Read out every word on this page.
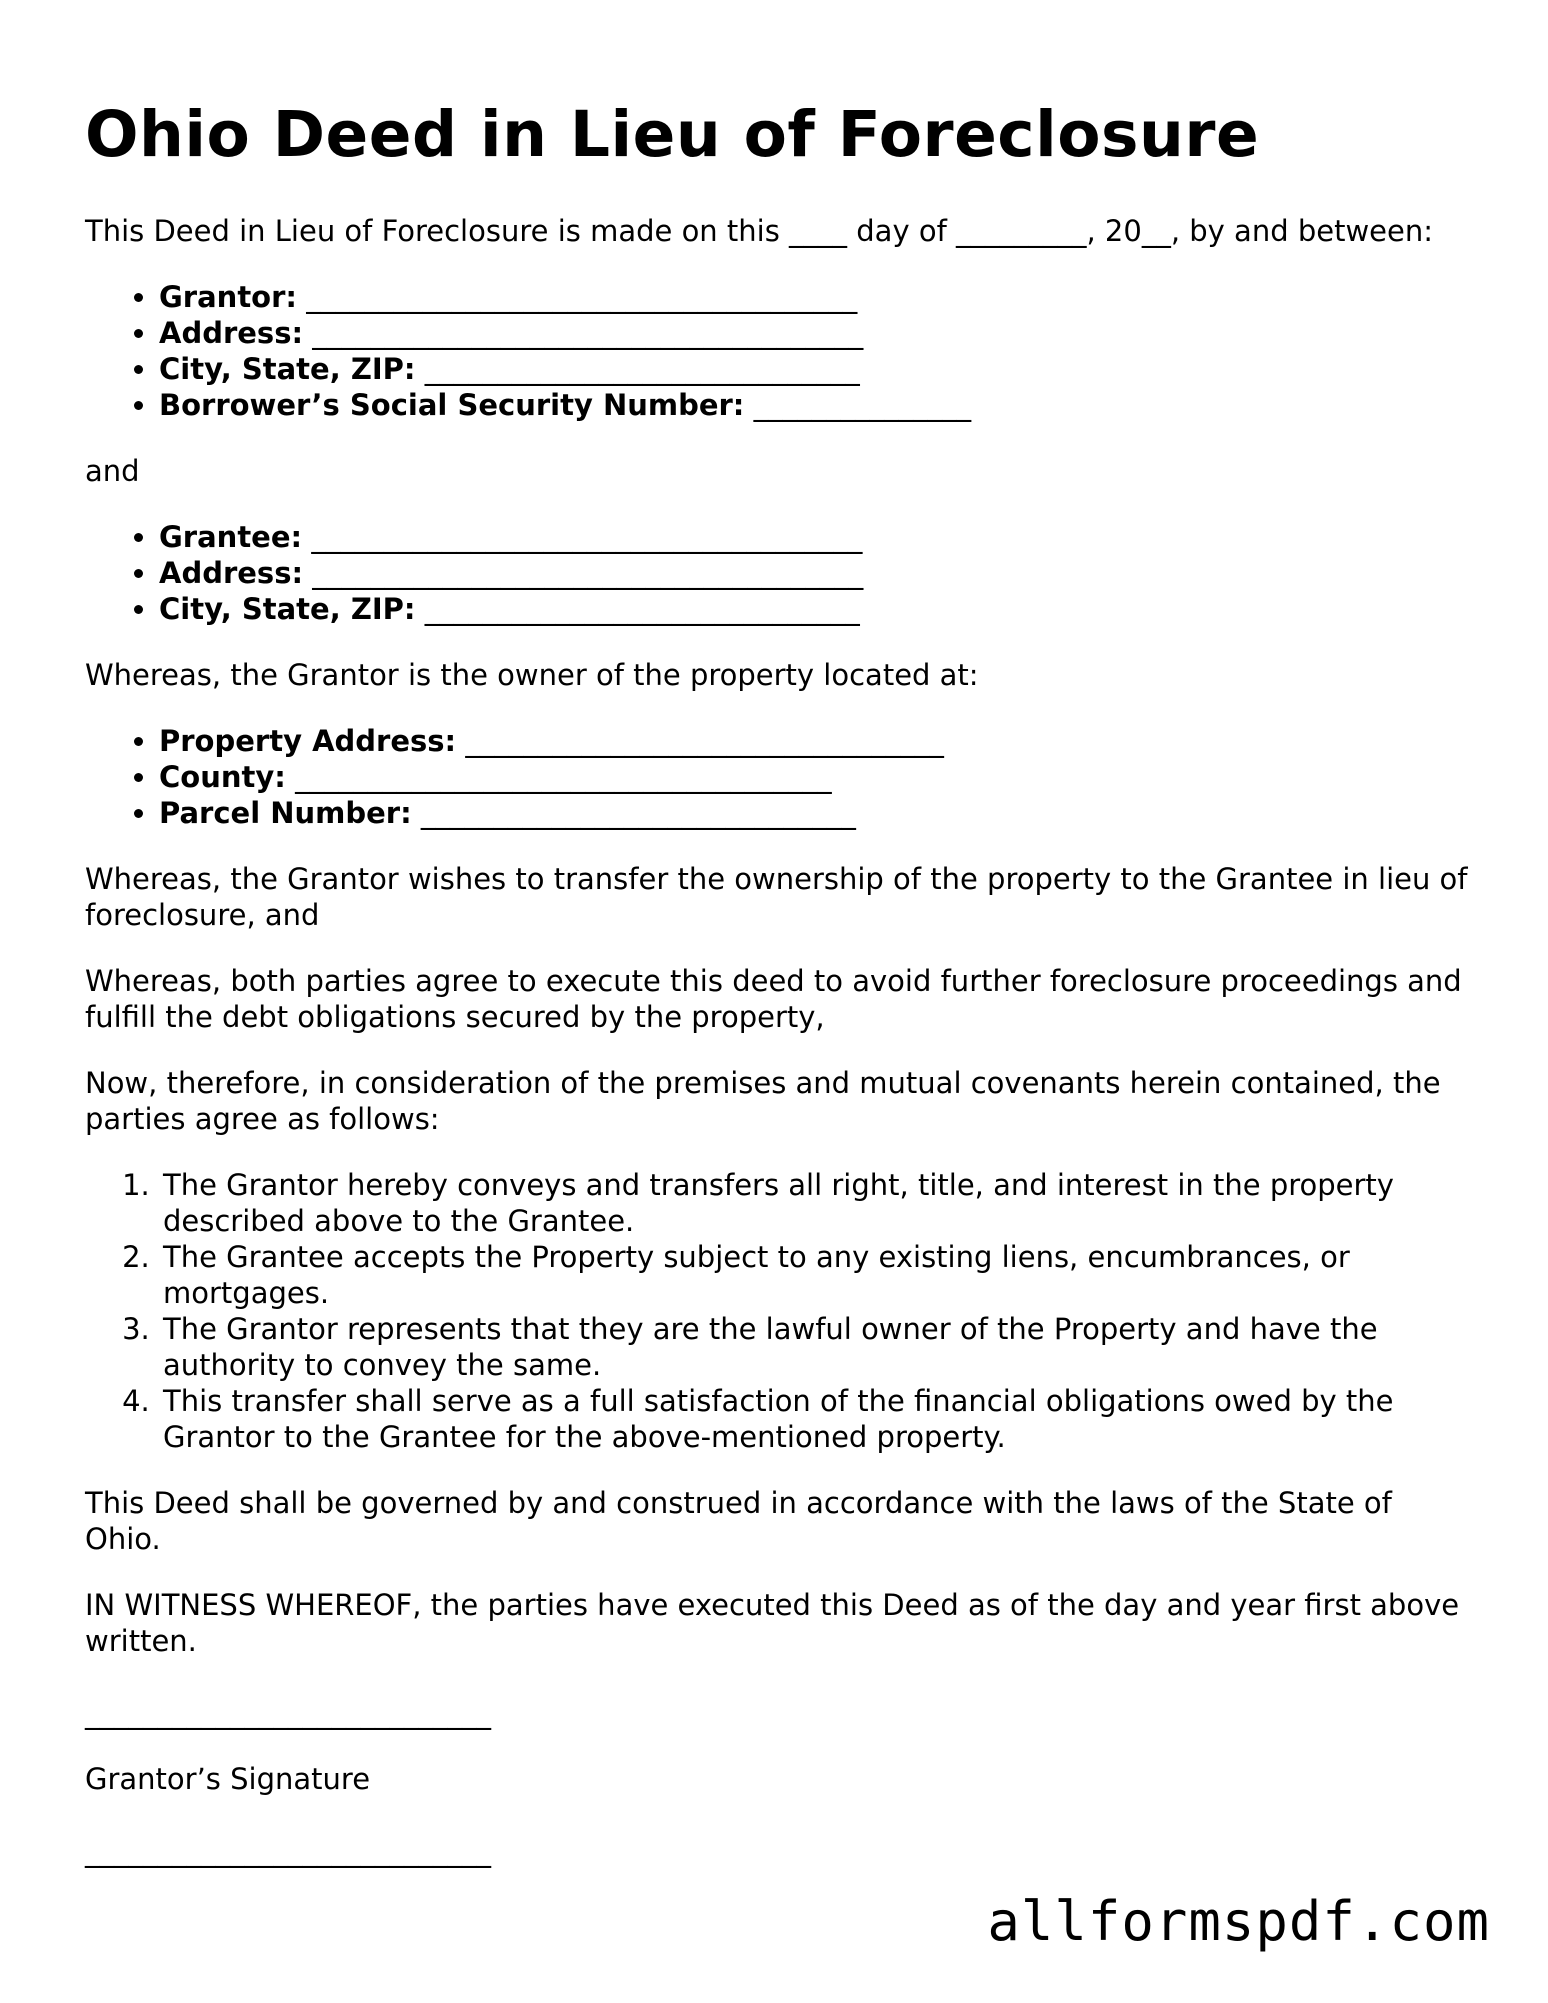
Ohio Deed in Lieu of Foreclosure

This Deed in Lieu of Foreclosure is made on this ____ day of _________, 20__, by and between:

• Grantor: ______________________________________
• Address: ______________________________________
• City, State, ZIP: ______________________________
• Borrower’s Social Security Number: _______________

and

• Grantee: ______________________________________
• Address: ______________________________________
• City, State, ZIP: ______________________________

Whereas, the Grantor is the owner of the property located at:

• Property Address: _________________________________
• County: _____________________________________
• Parcel Number: ______________________________

Whereas, the Grantor wishes to transfer the ownership of the property to the Grantee in lieu of foreclosure, and

Whereas, both parties agree to execute this deed to avoid further foreclosure proceedings and fulfill the debt obligations secured by the property,

Now, therefore, in consideration of the premises and mutual covenants herein contained, the parties agree as follows:

1. The Grantor hereby conveys and transfers all right, title, and interest in the property described above to the Grantee.
2. The Grantee accepts the Property subject to any existing liens, encumbrances, or mortgages.
3. The Grantor represents that they are the lawful owner of the Property and have the authority to convey the same.
4. This transfer shall serve as a full satisfaction of the financial obligations owed by the Grantor to the Grantee for the above-mentioned property.

This Deed shall be governed by and construed in accordance with the laws of the State of Ohio.

IN WITNESS WHEREOF, the parties have executed this Deed as of the day and year first above written.

____________________________

Grantor’s Signature

____________________________
allformspdf.com
